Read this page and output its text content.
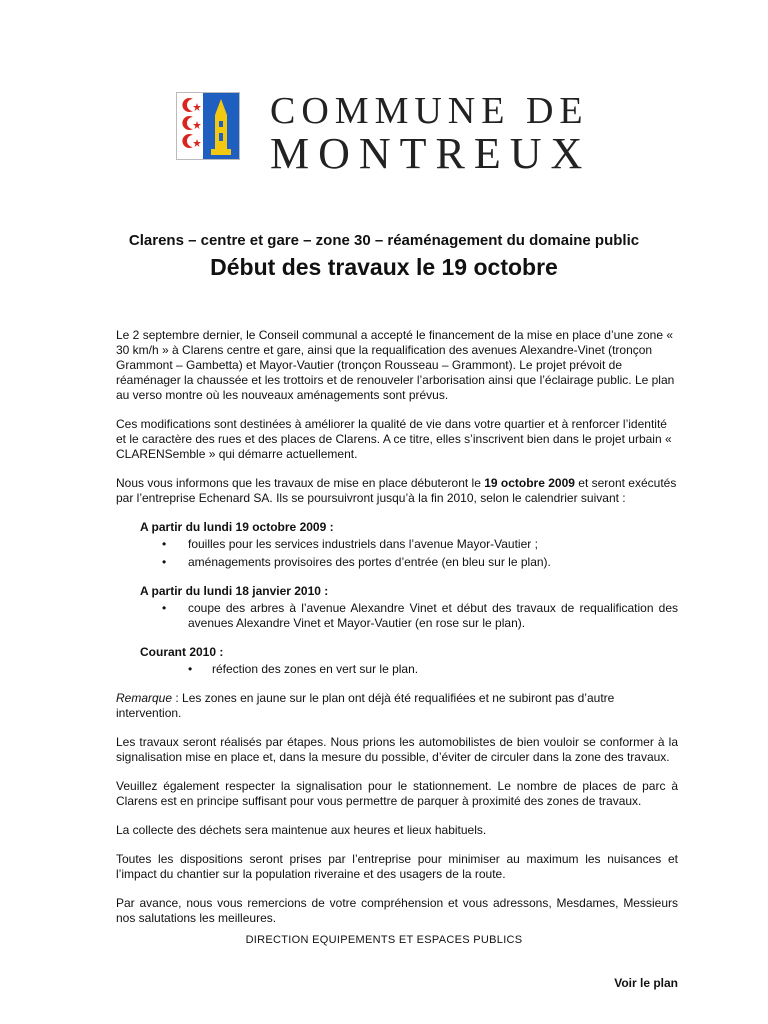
COMMUNE DE
MONTREUX
Clarens – centre et gare – zone 30 – réaménagement du domaine public
Début des travaux le 19 octobre

Le 2 septembre dernier, le Conseil communal a accepté le financement de la mise en place d’une zone « 30 km/h » à Clarens centre et gare, ainsi que la requalification des avenues Alexandre-Vinet (tronçon Grammont – Gambetta) et Mayor-Vautier (tronçon Rousseau – Grammont). Le projet prévoit de réaménager la chaussée et les trottoirs et de renouveler l’arborisation ainsi que l’éclairage public. Le plan au verso montre où les nouveaux aménagements sont prévus.

Ces modifications sont destinées à améliorer la qualité de vie dans votre quartier et à renforcer l’identité et le caractère des rues et des places de Clarens. A ce titre, elles s’inscrivent bien dans le projet urbain « CLARENSemble » qui démarre actuellement.

Nous vous informons que les travaux de mise en place débuteront le 19 octobre 2009 et seront exécutés par l’entreprise Echenard SA. Ils se poursuivront jusqu’à la fin 2010, selon le calendrier suivant :

A partir du lundi 19 octobre 2009 :
• fouilles pour les services industriels dans l’avenue Mayor-Vautier ;
• aménagements provisoires des portes d’entrée (en bleu sur le plan).
A partir du lundi 18 janvier 2010 :
• coupe des arbres à l’avenue Alexandre Vinet et début des travaux de requalification des avenues Alexandre Vinet et Mayor-Vautier (en rose sur le plan).
Courant 2010 :
• réfection des zones en vert sur le plan.

Remarque : Les zones en jaune sur le plan ont déjà été requalifiées et ne subiront pas d’autre intervention.

Les travaux seront réalisés par étapes. Nous prions les automobilistes de bien vouloir se conformer à la signalisation mise en place et, dans la mesure du possible, d’éviter de circuler dans la zone des travaux.

Veuillez également respecter la signalisation pour le stationnement. Le nombre de places de parc à Clarens est en principe suffisant pour vous permettre de parquer à proximité des zones de travaux.

La collecte des déchets sera maintenue aux heures et lieux habituels.

Toutes les dispositions seront prises par l’entreprise pour minimiser au maximum les nuisances et l’impact du chantier sur la population riveraine et des usagers de la route.

Par avance, nous vous remercions de votre compréhension et vous adressons, Mesdames, Messieurs nos salutations les meilleures.

DIRECTION EQUIPEMENTS ET ESPACES PUBLICS
Voir le plan
